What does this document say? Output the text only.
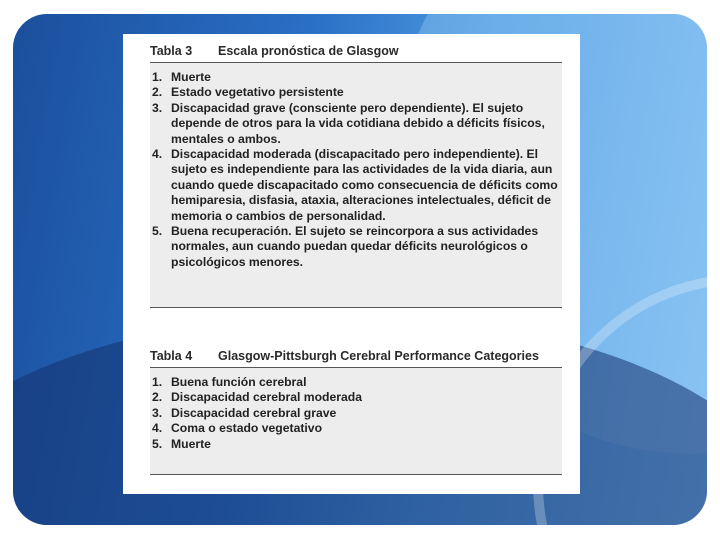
Tabla 3	Escala pronóstica de Glasgow
1. Muerte
2. Estado vegetativo persistente
3. Discapacidad grave (consciente pero dependiente). El sujeto depende de otros para la vida cotidiana debido a déficits físicos, mentales o ambos.
4. Discapacidad moderada (discapacitado pero independiente). El sujeto es independiente para las actividades de la vida diaria, aun cuando quede discapacitado como consecuencia de déficits como hemiparesia, disfasia, ataxia, alteraciones intelectuales, déficit de memoria o cambios de personalidad.
5. Buena recuperación. El sujeto se reincorpora a sus actividades normales, aun cuando puedan quedar déficits neurológicos o psicológicos menores.
Tabla 4	Glasgow-Pittsburgh Cerebral Performance Categories
1. Buena función cerebral
2. Discapacidad cerebral moderada
3. Discapacidad cerebral grave
4. Coma o estado vegetativo
5. Muerte
